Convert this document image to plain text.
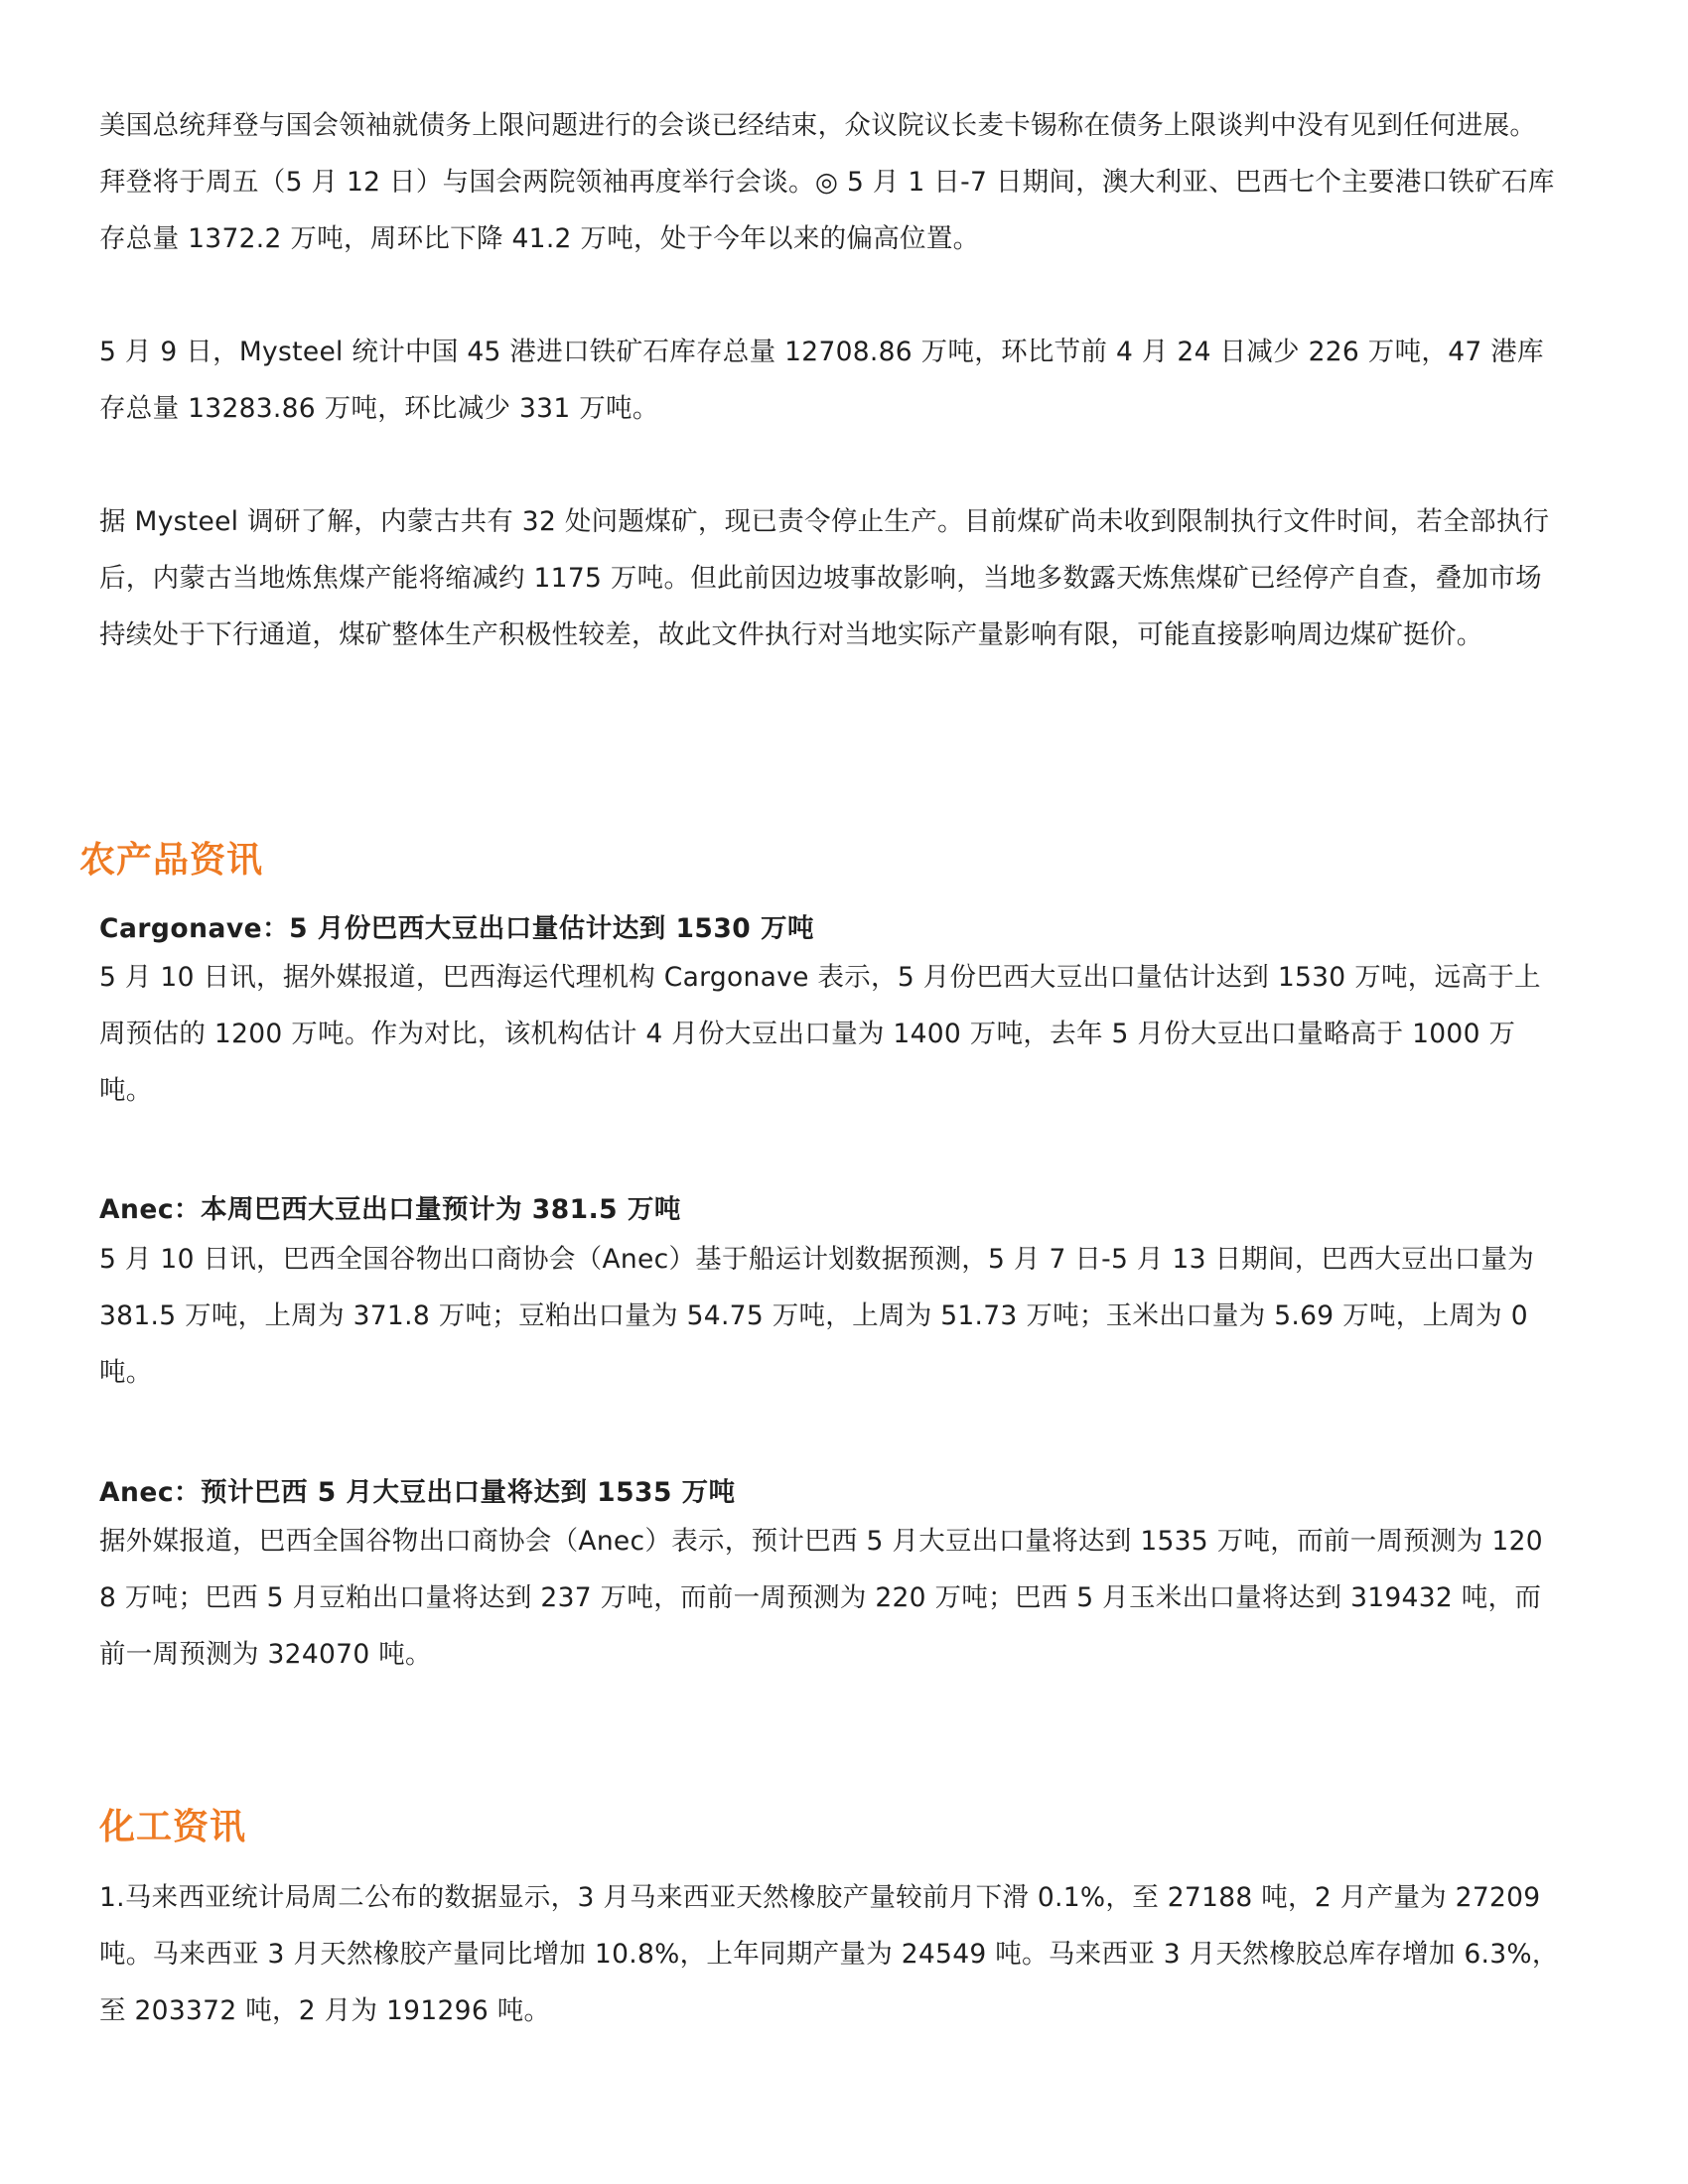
美国总统拜登与国会领袖就债务上限问题进行的会谈已经结束，众议院议长麦卡锡称在债务上限谈判中没有见到任何进展。拜登将于周五（5 月 12 日）与国会两院领袖再度举行会谈。◎ 5 月 1 日-7 日期间，澳大利亚、巴西七个主要港口铁矿石库存总量 1372.2 万吨，周环比下降 41.2 万吨，处于今年以来的偏高位置。

5 月 9 日，Mysteel 统计中国 45 港进口铁矿石库存总量 12708.86 万吨，环比节前 4 月 24 日减少 226 万吨，47 港库存总量 13283.86 万吨，环比减少 331 万吨。

据 Mysteel 调研了解，内蒙古共有 32 处问题煤矿，现已责令停止生产。目前煤矿尚未收到限制执行文件时间，若全部执行后，内蒙古当地炼焦煤产能将缩减约 1175 万吨。但此前因边坡事故影响，当地多数露天炼焦煤矿已经停产自查，叠加市场持续处于下行通道，煤矿整体生产积极性较差，故此文件执行对当地实际产量影响有限，可能直接影响周边煤矿挺价。

农产品资讯
Cargonave：5 月份巴西大豆出口量估计达到 1530 万吨

5 月 10 日讯，据外媒报道，巴西海运代理机构 Cargonave 表示，5 月份巴西大豆出口量估计达到 1530 万吨，远高于上周预估的 1200 万吨。作为对比，该机构估计 4 月份大豆出口量为 1400 万吨，去年 5 月份大豆出口量略高于 1000 万吨。

Anec：本周巴西大豆出口量预计为 381.5 万吨

5 月 10 日讯，巴西全国谷物出口商协会（Anec）基于船运计划数据预测，5 月 7 日-5 月 13 日期间，巴西大豆出口量为 381.5 万吨，上周为 371.8 万吨；豆粕出口量为 54.75 万吨，上周为 51.73 万吨；玉米出口量为 5.69 万吨，上周为 0 吨。

Anec：预计巴西 5 月大豆出口量将达到 1535 万吨

据外媒报道，巴西全国谷物出口商协会（Anec）表示，预计巴西 5 月大豆出口量将达到 1535 万吨，而前一周预测为 1208 万吨；巴西 5 月豆粕出口量将达到 237 万吨，而前一周预测为 220 万吨；巴西 5 月玉米出口量将达到 319432 吨，而前一周预测为 324070 吨。

化工资讯

1.马来西亚统计局周二公布的数据显示，3 月马来西亚天然橡胶产量较前月下滑 0.1%，至 27188 吨，2 月产量为 27209 吨。马来西亚 3 月天然橡胶产量同比增加 10.8%，上年同期产量为 24549 吨。马来西亚 3 月天然橡胶总库存增加 6.3%，至 203372 吨，2 月为 191296 吨。
